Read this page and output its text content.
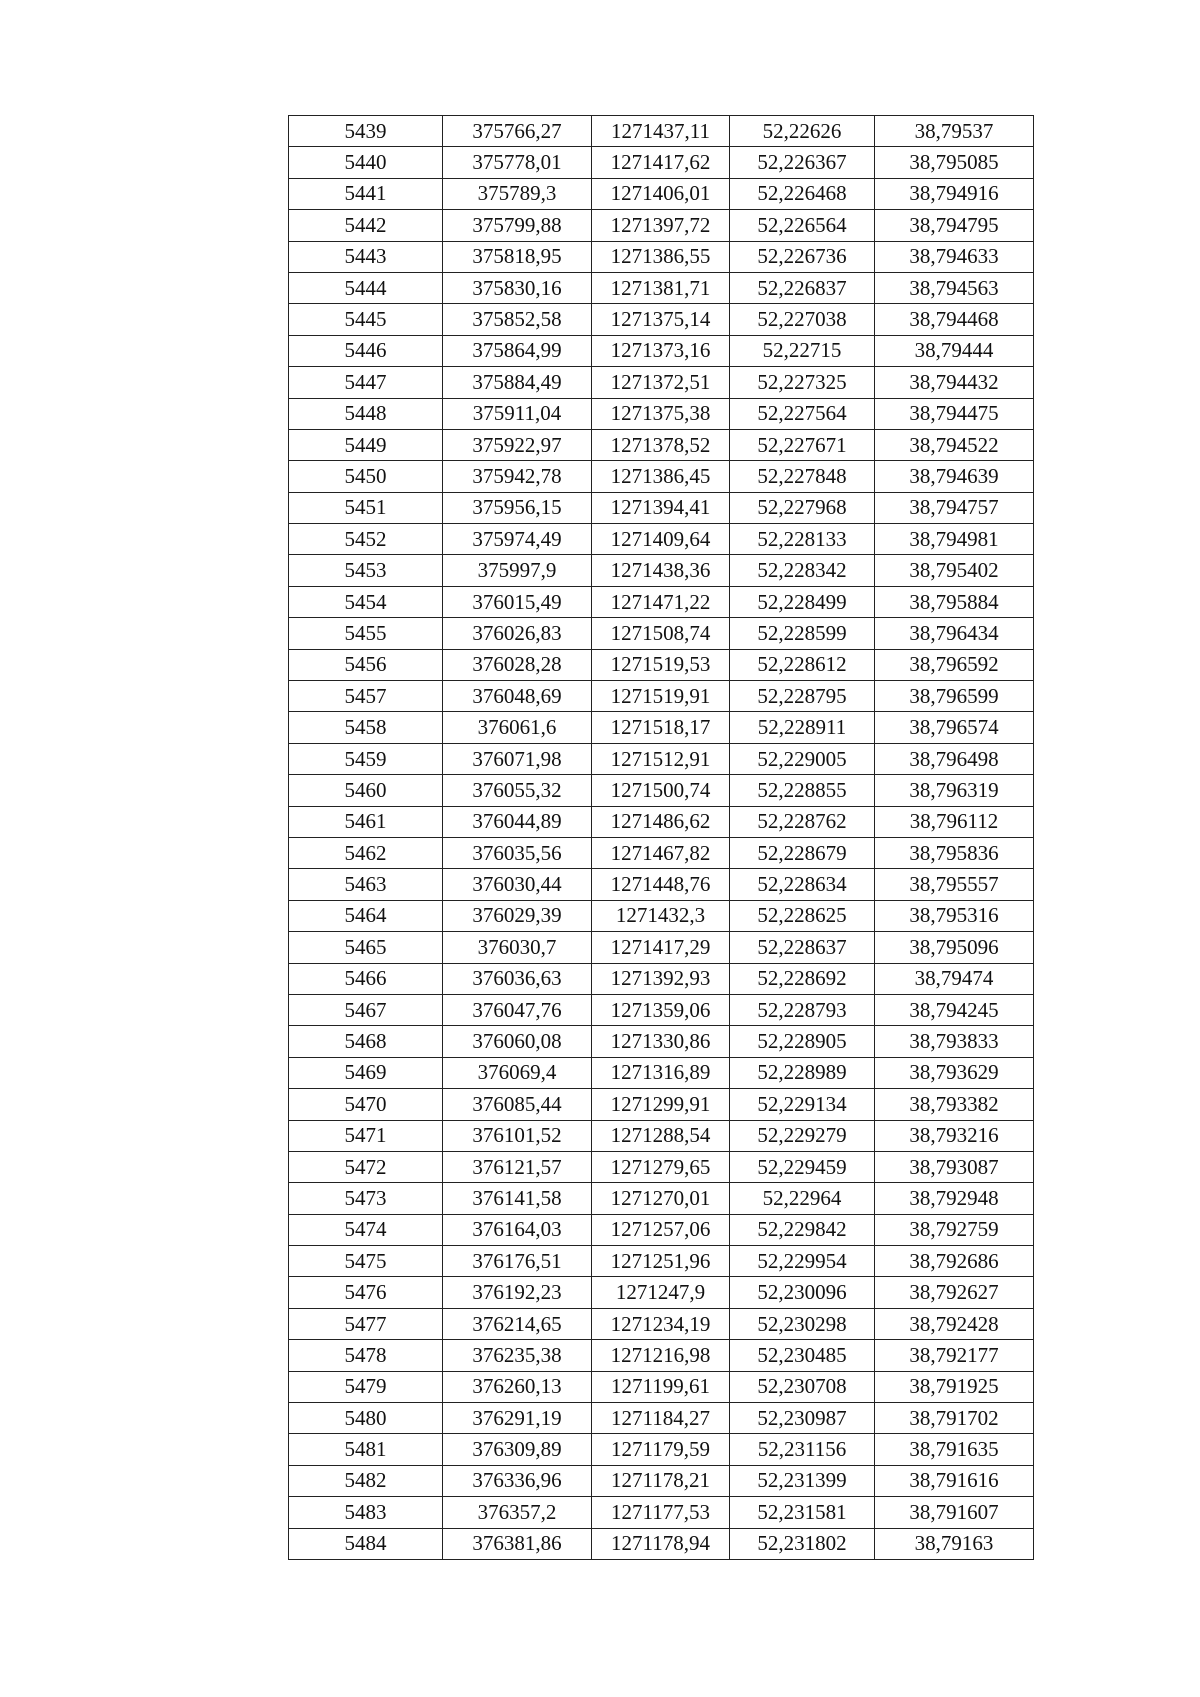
5439	375766,27	1271437,11	52,22626	38,79537
5440	375778,01	1271417,62	52,226367	38,795085
5441	375789,3	1271406,01	52,226468	38,794916
5442	375799,88	1271397,72	52,226564	38,794795
5443	375818,95	1271386,55	52,226736	38,794633
5444	375830,16	1271381,71	52,226837	38,794563
5445	375852,58	1271375,14	52,227038	38,794468
5446	375864,99	1271373,16	52,22715	38,79444
5447	375884,49	1271372,51	52,227325	38,794432
5448	375911,04	1271375,38	52,227564	38,794475
5449	375922,97	1271378,52	52,227671	38,794522
5450	375942,78	1271386,45	52,227848	38,794639
5451	375956,15	1271394,41	52,227968	38,794757
5452	375974,49	1271409,64	52,228133	38,794981
5453	375997,9	1271438,36	52,228342	38,795402
5454	376015,49	1271471,22	52,228499	38,795884
5455	376026,83	1271508,74	52,228599	38,796434
5456	376028,28	1271519,53	52,228612	38,796592
5457	376048,69	1271519,91	52,228795	38,796599
5458	376061,6	1271518,17	52,228911	38,796574
5459	376071,98	1271512,91	52,229005	38,796498
5460	376055,32	1271500,74	52,228855	38,796319
5461	376044,89	1271486,62	52,228762	38,796112
5462	376035,56	1271467,82	52,228679	38,795836
5463	376030,44	1271448,76	52,228634	38,795557
5464	376029,39	1271432,3	52,228625	38,795316
5465	376030,7	1271417,29	52,228637	38,795096
5466	376036,63	1271392,93	52,228692	38,79474
5467	376047,76	1271359,06	52,228793	38,794245
5468	376060,08	1271330,86	52,228905	38,793833
5469	376069,4	1271316,89	52,228989	38,793629
5470	376085,44	1271299,91	52,229134	38,793382
5471	376101,52	1271288,54	52,229279	38,793216
5472	376121,57	1271279,65	52,229459	38,793087
5473	376141,58	1271270,01	52,22964	38,792948
5474	376164,03	1271257,06	52,229842	38,792759
5475	376176,51	1271251,96	52,229954	38,792686
5476	376192,23	1271247,9	52,230096	38,792627
5477	376214,65	1271234,19	52,230298	38,792428
5478	376235,38	1271216,98	52,230485	38,792177
5479	376260,13	1271199,61	52,230708	38,791925
5480	376291,19	1271184,27	52,230987	38,791702
5481	376309,89	1271179,59	52,231156	38,791635
5482	376336,96	1271178,21	52,231399	38,791616
5483	376357,2	1271177,53	52,231581	38,791607
5484	376381,86	1271178,94	52,231802	38,79163
